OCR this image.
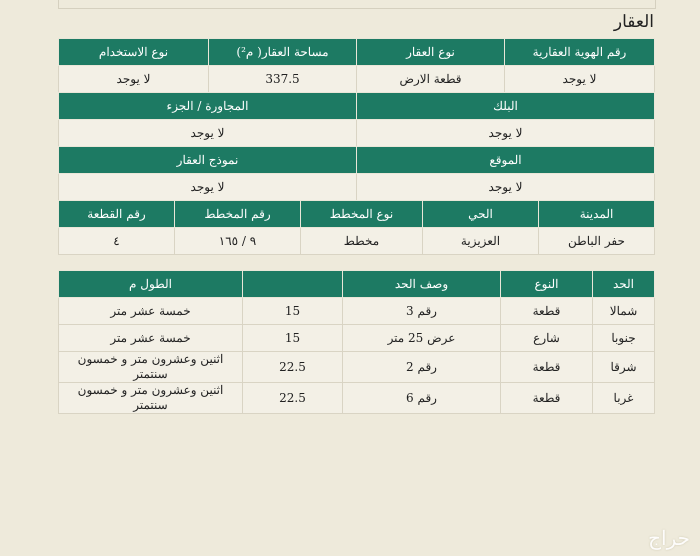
العقار
رقم الهوية العقارية	نوع العقار	مساحة العقار( م²)	نوع الاستخدام
لا يوجد	قطعة الارض	337.5	لا يوجد
البلك	المجاورة / الجزء
لا يوجد	لا يوجد
الموقع	نموذج العقار
لا يوجد	لا يوجد
المدينة	الحي	نوع المخطط	رقم المخطط	رقم القطعة
حفر الباطن	العزيزية	مخطط	٩ / ١٦٥	٤
الحد	النوع	وصف الحد		الطول م
شمالا	قطعة	رقم 3	15	خمسة عشر متر
جنوبا	شارع	عرض 25 متر	15	خمسة عشر متر
شرقا	قطعة	رقم 2	22.5	اثنين وعشرون متر و خمسون سنتمتر
غربا	قطعة	رقم 6	22.5	اثنين وعشرون متر و خمسون سنتمتر
حراج
